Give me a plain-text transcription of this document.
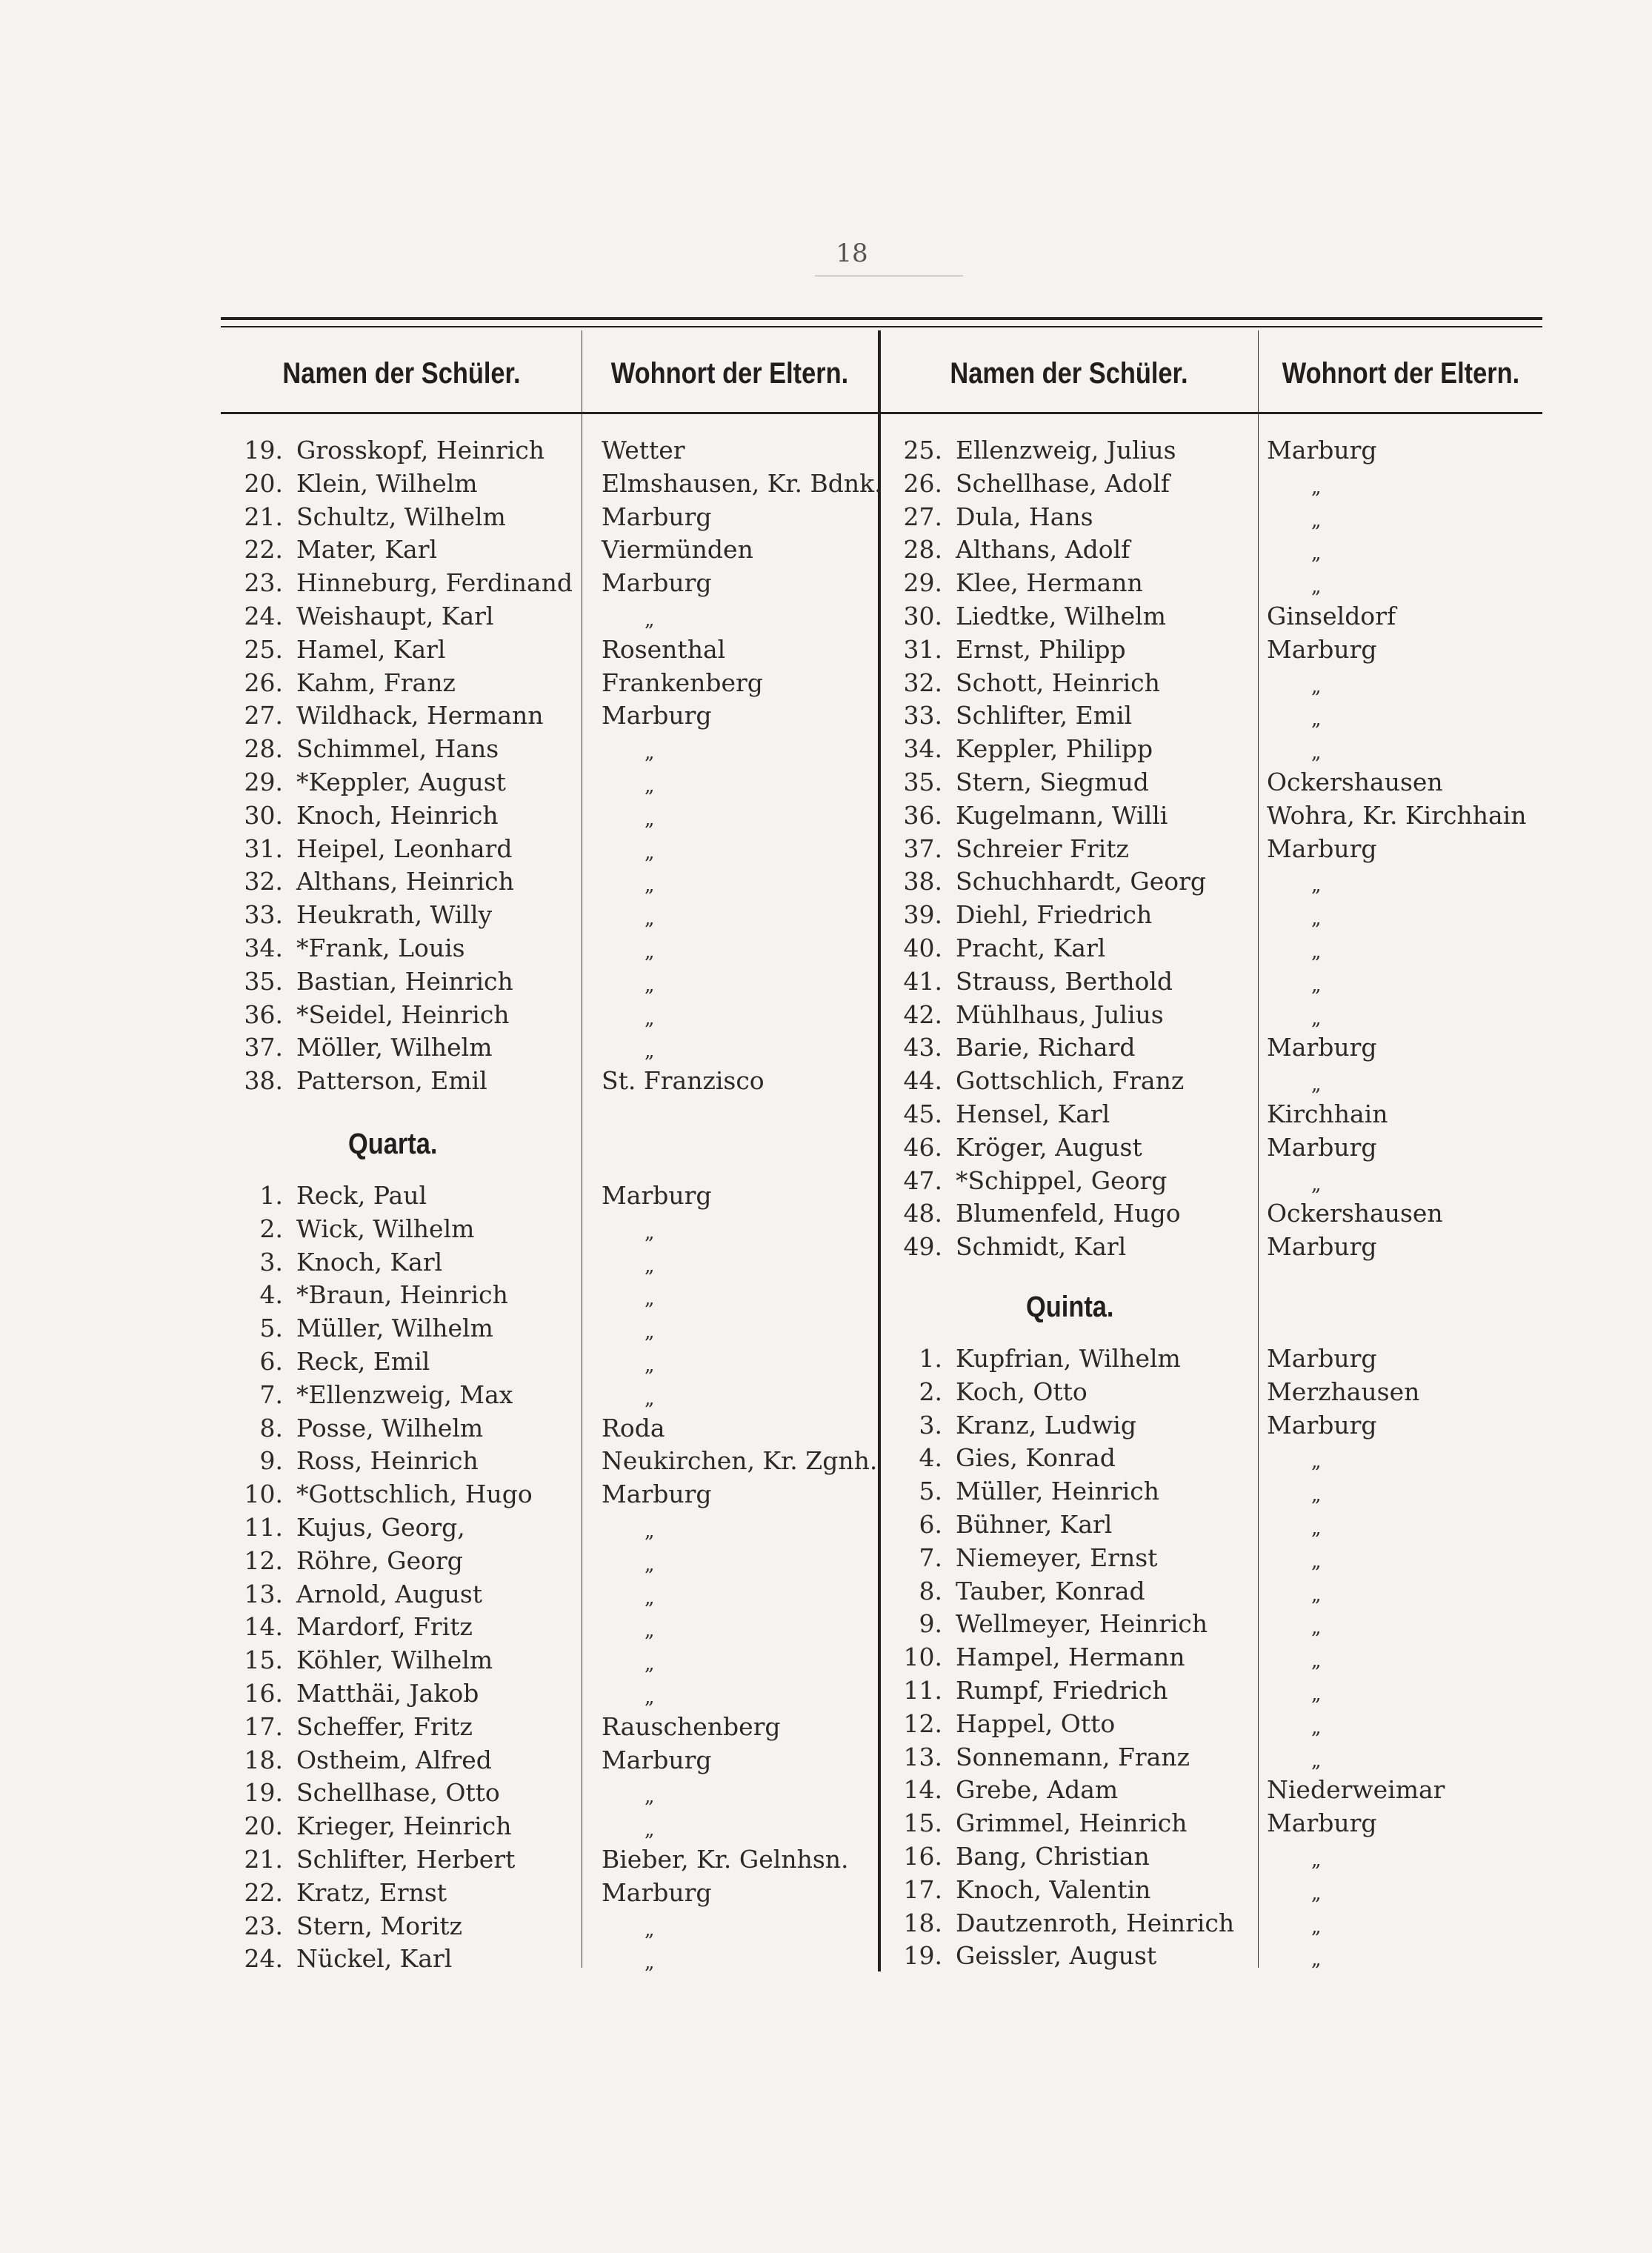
18
Namen der Schüler.	Wohnort der Eltern.	Namen der Schüler.	Wohnort der Eltern.
19. Grosskopf, Heinrich Wetter
20. Klein, Wilhelm	Elmshausen, Kr. Bdnk.
21. Schultz, Wilhelm	Marburg
22. Mater, Karl	Viermünden
23. Hinneburg, Ferdinand Marburg
24. Weishaupt, Karl	„
25. Hamel, Karl	Rosenthal
26. Kahm, Franz	Frankenberg
27. Wildhack, Hermann Marburg
28. Schimmel, Hans	„
29. *Keppler, August	„
30. Knoch, Heinrich	„
31. Heipel, Leonhard	„
32. Althans, Heinrich	„
33. Heukrath, Willy	„
34. *Frank, Louis	„
35. Bastian, Heinrich	„
36. *Seidel, Heinrich	„
37. Möller, Wilhelm	„
38. Patterson, Emil	St. Franzisco
Quarta.
1. Reck, Paul	Marburg
2. Wick, Wilhelm	„
3. Knoch, Karl	„
4. *Braun, Heinrich	„
5. Müller, Wilhelm	„
6. Reck, Emil	„
7. *Ellenzweig, Max	„
8. Posse, Wilhelm	Roda
9. Ross, Heinrich	Neukirchen, Kr. Zgnh.
10. *Gottschlich, Hugo	Marburg
11. Kujus, Georg,	„
12. Röhre, Georg	„
13. Arnold, August	„
14. Mardorf, Fritz	„
15. Köhler, Wilhelm	„
16. Matthäi, Jakob	„
17. Scheffer, Fritz	Rauschenberg
18. Ostheim, Alfred	Marburg
19. Schellhase, Otto	„
20. Krieger, Heinrich	„
21. Schlifter, Herbert	Bieber, Kr. Gelnhsn.
22. Kratz, Ernst	Marburg
23. Stern, Moritz	„
24. Nückel, Karl	„
25. Ellenzweig, Julius	Marburg
26. Schellhase, Adolf	„
27. Dula, Hans	„
28. Althans, Adolf	„
29. Klee, Hermann	„
30. Liedtke, Wilhelm	Ginseldorf
31. Ernst, Philipp	Marburg
32. Schott, Heinrich	„
33. Schlifter, Emil	„
34. Keppler, Philipp	„
35. Stern, Siegmud	Ockershausen
36. Kugelmann, Willi	Wohra, Kr. Kirchhain
37. Schreier Fritz	Marburg
38. Schuchhardt, Georg	„
39. Diehl, Friedrich	„
40. Pracht, Karl	„
41. Strauss, Berthold	„
42. Mühlhaus, Julius	„
43. Barie, Richard	Marburg
44. Gottschlich, Franz	„
45. Hensel, Karl	Kirchhain
46. Kröger, August	Marburg
47. *Schippel, Georg	„
48. Blumenfeld, Hugo	Ockershausen
49. Schmidt, Karl	Marburg
Quinta.
1. Kupfrian, Wilhelm	Marburg
2. Koch, Otto	Merzhausen
3. Kranz, Ludwig	Marburg
4. Gies, Konrad	„
5. Müller, Heinrich	„
6. Bühner, Karl	„
7. Niemeyer, Ernst	„
8. Tauber, Konrad	„
9. Wellmeyer, Heinrich	„
10. Hampel, Hermann	„
11. Rumpf, Friedrich	„
12. Happel, Otto	„
13. Sonnemann, Franz	„
14. Grebe, Adam	Niederweimar
15. Grimmel, Heinrich	Marburg
16. Bang, Christian	„
17. Knoch, Valentin	„
18. Dautzenroth, Heinrich	„
19. Geissler, August	„
